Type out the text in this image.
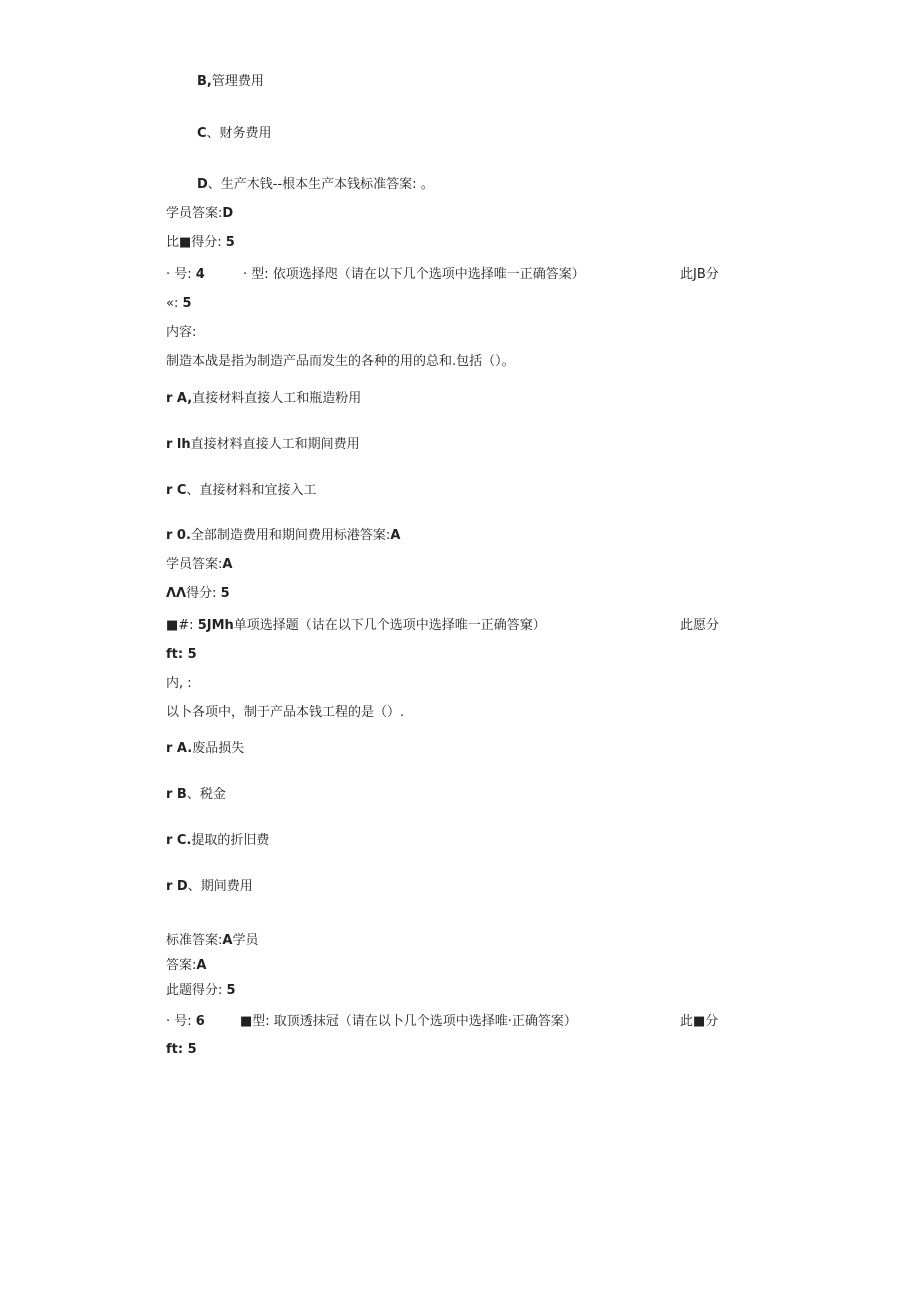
B,管理费用
C、财务费用
D、生产木钱--根本生产本钱标准答案: 。
学员答案:D
比■得分: 5
· 号: 4	· 型: 依项选择咫（请在以下几个选项中选择唯一正确答案）	此JB分
«: 5
内容:
制造本战是指为制造产品而发生的各种的用的总和.包括（）。
r A,直接材料直接人工和瓶造粉用
r lh直接材料直接人工和期间费用
r C、直接材料和宜接入工
r 0.全部制造费用和期间费用标港答案:A
学员答案:A
ΛΛ得分: 5
■#: 5JMh单项选择题（诂在以下几个选项中选择唯一正确答窠）	此愿分
ft: 5
内, :
以卜各项中，制于产品本钱工程的是（）.
r A.废品损失
r B、税金
r C.提取的折旧费
r D、期间费用
标准答案:A学员
答案:A
此题得分: 5
· 号: 6	■型: 取顶透抹冠（请在以卜几个选项中选择唯·正确答案）	此■分
ft: 5
